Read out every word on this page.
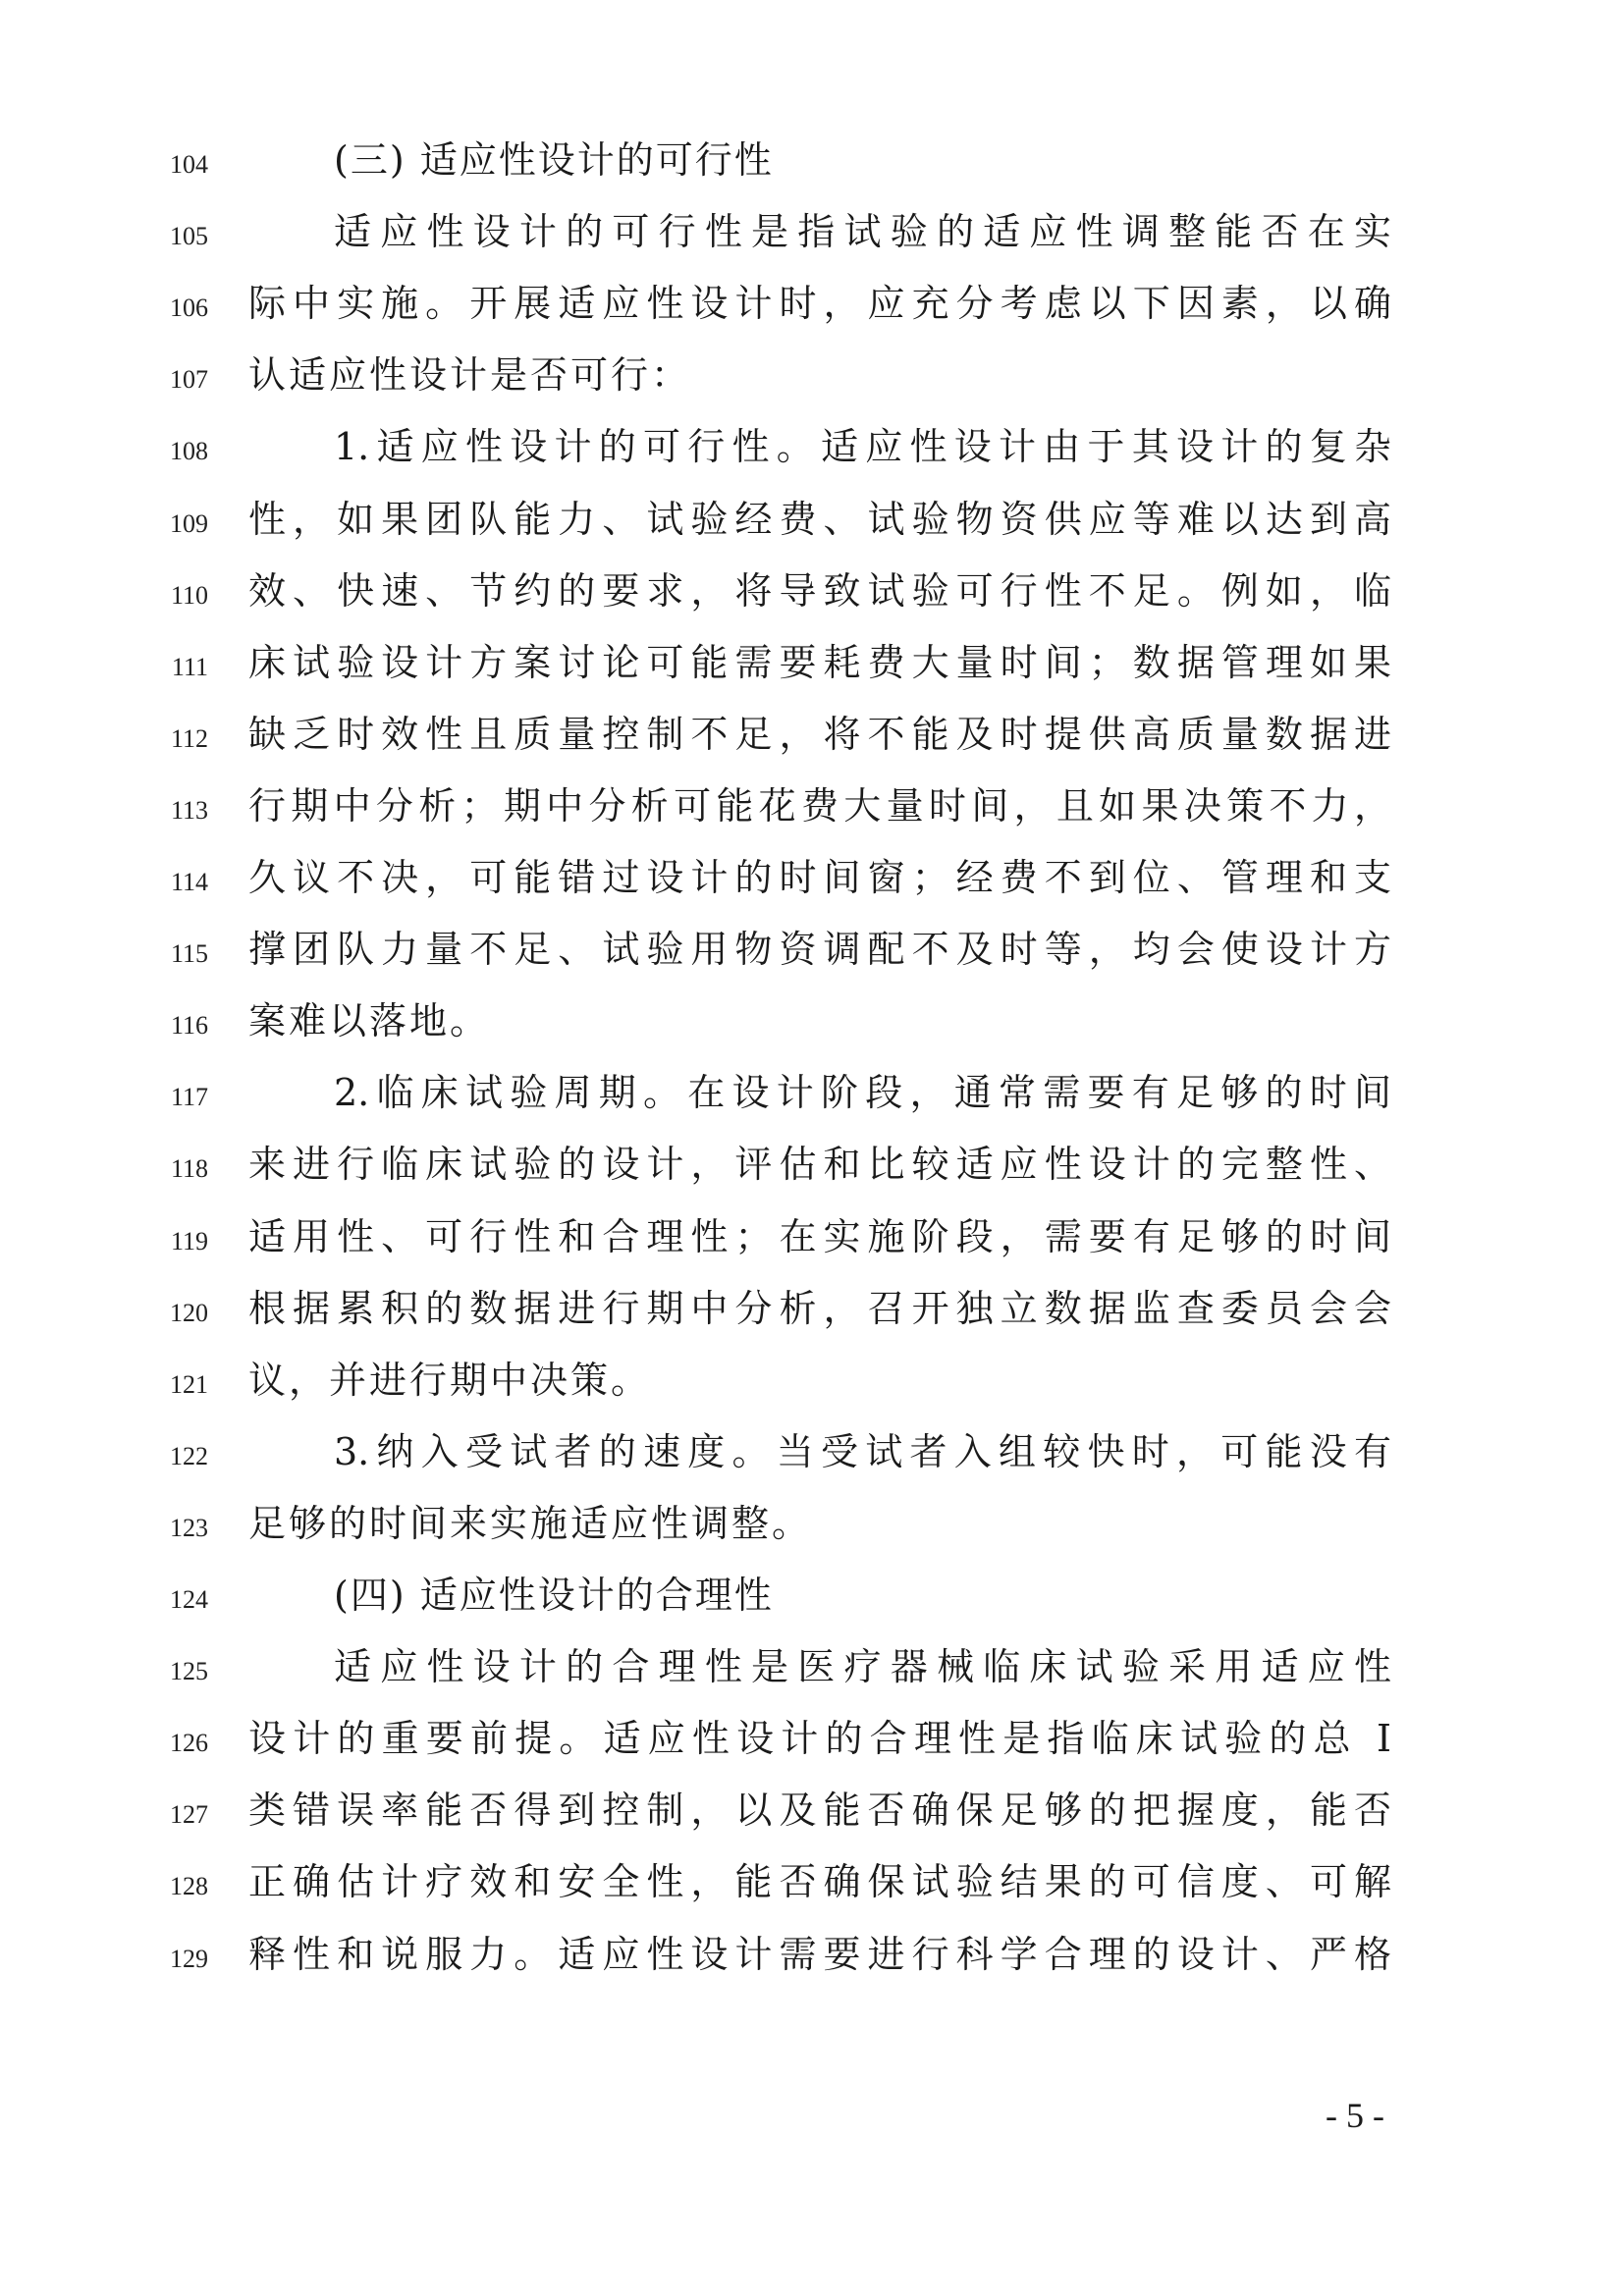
104	(三) 适应性设计的可行性
105	适应性设计的可行性是指试验的适应性调整能否在实
106 际中实施。开展适应性设计时，应充分考虑以下因素，以确
107 认适应性设计是否可行：
108	1.适应性设计的可行性。适应性设计由于其设计的复杂
109 性，如果团队能力、试验经费、试验物资供应等难以达到高
110 效、快速、节约的要求，将导致试验可行性不足。例如，临
111 床试验设计方案讨论可能需要耗费大量时间；数据管理如果
112 缺乏时效性且质量控制不足，将不能及时提供高质量数据进
113 行期中分析；期中分析可能花费大量时间，且如果决策不力，
114 久议不决，可能错过设计的时间窗；经费不到位、管理和支
115 撑团队力量不足、试验用物资调配不及时等，均会使设计方
116 案难以落地。
117	2.临床试验周期。在设计阶段，通常需要有足够的时间
118 来进行临床试验的设计，评估和比较适应性设计的完整性、
119 适用性、可行性和合理性；在实施阶段，需要有足够的时间
120 根据累积的数据进行期中分析，召开独立数据监查委员会会
121 议，并进行期中决策。
122	3.纳入受试者的速度。当受试者入组较快时，可能没有
123 足够的时间来实施适应性调整。
124	(四) 适应性设计的合理性
125	适应性设计的合理性是医疗器械临床试验采用适应性
126 设计的重要前提。适应性设计的合理性是指临床试验的总 I
127 类错误率能否得到控制，以及能否确保足够的把握度，能否
128 正确估计疗效和安全性，能否确保试验结果的可信度、可解
129 释性和说服力。适应性设计需要进行科学合理的设计、严格
- 5 -
